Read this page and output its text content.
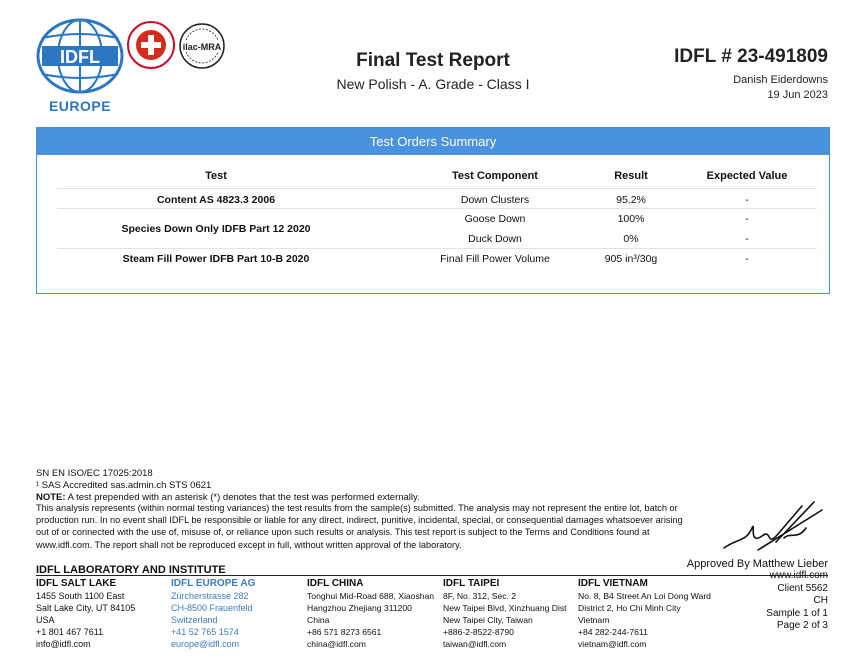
IDFL
EUROPE
ilac-MRA
Final Test Report
New Polish - A. Grade - Class I
IDFL # 23-491809
Danish Eiderdowns
19 Jun 2023
Test Orders Summary
Test	Test Component	Result	Expected Value
Content AS 4823.3 2006	Down Clusters	95.2%	-
Species Down Only IDFB Part 12 2020
Goose Down	100%	-
Duck Down	0%	-
Steam Fill Power IDFB Part 10-B 2020	Final Fill Power Volume	905 in³/30g	-
SN EN ISO/EC 17025:2018
¹ SAS Accredited sas.admin.ch STS 0621
NOTE: A test prepended with an asterisk (*) denotes that the test was performed externally.
This analysis represents (within normal testing variances) the test results from the sample(s) submitted. The analysis may not represent the entire lot, batch or production run. In no event shall IDFL be responsible or liable for any direct, indirect, punitive, incidental, special, or consequential damages whatsoever arising out of or connected with the use of, misuse of, or reliance upon such results or analysis. This test report is subject to the Terms and Conditions found at www.idfl.com. The report shall not be reproduced except in full, without written approval of the laboratory.
IDFL LABORATORY AND INSTITUTE	Approved By Matthew Lieber
IDFL SALT LAKE
1455 South 1100 East
Salt Lake City, UT 84105
USA
+1 801 467 7611
info@idfl.com
IDFL EUROPE AG
Zürcherstrasse 282
CH-8500 Frauenfeld
Switzerland
+41 52 765 1574
europe@idfl.com
IDFL CHINA
Tonghui Mid-Road 688, Xiaoshan
Hangzhou Zhejiang 311200
China
+86 571 8273 6561
china@idfl.com
IDFL TAIPEI
8F, No. 312, Sec. 2
New Taipei Blvd, Xinzhuang Dist
New Taipei City, Taiwan
+886-2-8522-8790
taiwan@idfl.com
IDFL VIETNAM
No. 8, B4 Street An Loi Dong Ward
District 2, Ho Chi Minh City
Vietnam
+84 282-244-7611
vietnam@idfl.com
www.idfl.com
Client 5562
CH
Sample 1 of 1
Page 2 of 3
